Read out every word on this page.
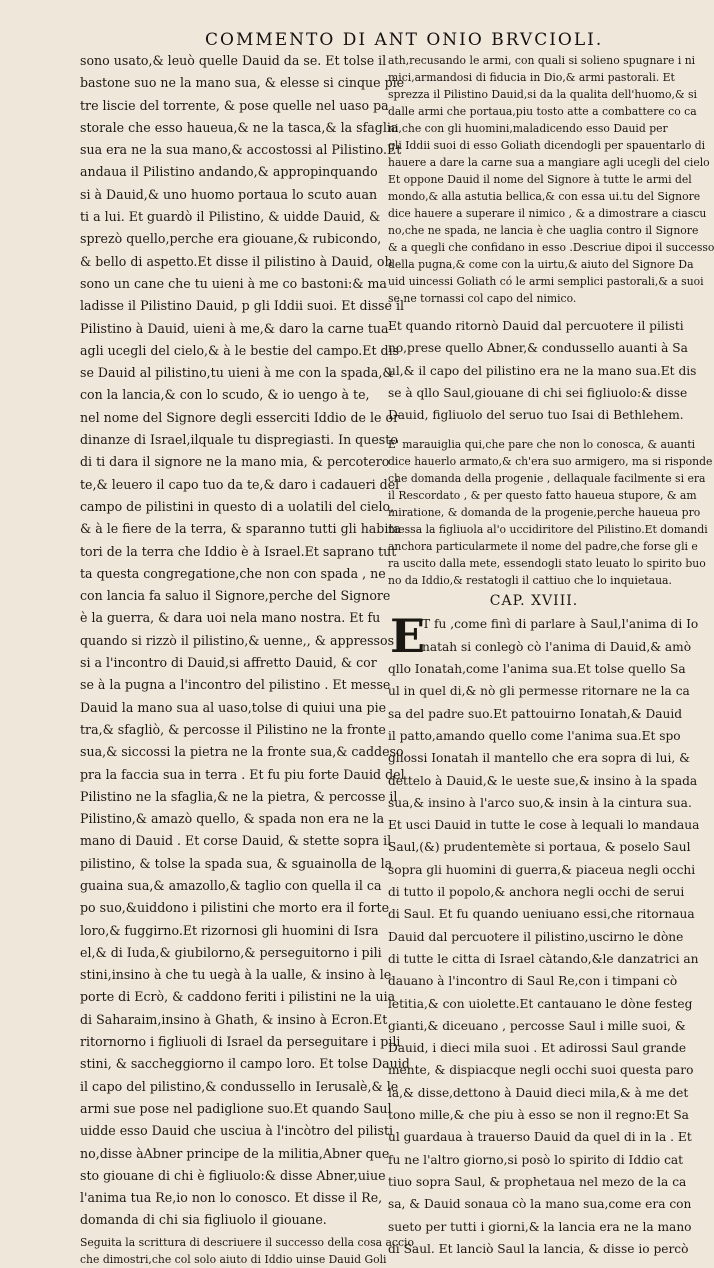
COMMENTO DI ANT ONIO BRVCIOLI.
sono usato,& leuò quelle Dauid da se. Et tolse il
bastone suo ne la mano sua, & elesse si cinque pie
tre liscie del torrente, & pose quelle nel uaso pa
storale che esso haueua,& ne la tasca,& la sfaglia
sua era ne la sua mano,& accostossi al Pilistino.Et
andaua il Pilistino andando,& appropinquando
si à Dauid,& uno huomo portaua lo scuto auan
ti a lui. Et guardò il Pilistino, & uidde Dauid, &
sprezò quello,perche era giouane,& rubicondo,
& bello di aspetto.Et disse il pilistino à Dauid, oh
sono un cane che tu uieni à me co bastoni:& ma
ladisse il Pilistino Dauid, p gli Iddii suoi. Et disse il
Pilistino à Dauid, uieni à me,& daro la carne tua
agli ucegli del cielo,& à le bestie del campo.Et dis
se Dauid al pilistino,tu uieni à me con la spada,&
con la lancia,& con lo scudo, & io uengo à te,
nel nome del Signore degli esserciti Iddio de le or
dinanze di Israel,ilquale tu dispregiasti. In questo
di ti dara il signore ne la mano mia, & percotero
te,& leuero il capo tuo da te,& daro i cadaueri del
campo de pilistini in questo di a uolatili del cielo,
& à le fiere de la terra, & sparanno tutti gli habita
tori de la terra che Iddio è à Israel.Et saprano tut
ta questa congregatione,che non con spada , ne
con lancia fa saluo il Signore,perche del Signore
è la guerra, & dara uoi nela mano nostra. Et fu
quando si rizzò il pilistino,& uenne,, & appressos
si a l'incontro di Dauid,si affretto Dauid, & cor
se à la pugna a l'incontro del pilistino . Et messe
Dauid la mano sua al uaso,tolse di quiui una pie
tra,& sfagliò, & percosse il Pilistino ne la fronte
sua,& siccossi la pietra ne la fronte sua,& caddeso
pra la faccia sua in terra . Et fu piu forte Dauid del
Pilistino ne la sfaglia,& ne la pietra, & percosse il
Pilistino,& amazò quello, & spada non era ne la
mano di Dauid . Et corse Dauid, & stette sopra il
pilistino, & tolse la spada sua, & sguainolla de la
guaina sua,& amazollo,& taglio con quella il ca
po suo,&uiddono i pilistini che morto era il forte
loro,& fuggirno.Et rizornosi gli huomini di Isra
el,& di Iuda,& giubilorno,& perseguitorno i pili
stini,insino à che tu uegà à la ualle, & insino à le
porte di Ecrò, & caddono feriti i pilistini ne la uia
di Saharaim,insino à Ghath, & insino à Ecron.Et
ritornorno i figliuoli di Israel da perseguitare i pili
stini, & saccheggiorno il campo loro. Et tolse Dauid
il capo del pilistino,& condussello in Ierusalè,& le
armi sue pose nel padiglione suo.Et quando Saul
uidde esso Dauid che usciua à l'incòtro del pilisti
no,disse àAbner principe de la militia,Abner que
sto giouane di chi è figliuolo:& disse Abner,uiue
l'anima tua Re,io non lo conosco. Et disse il Re,
domanda di chi sia figliuolo il giouane.
Seguita la scrittura di descriuere il successo della cosa accio
che dimostri,che col solo aiuto di Iddio uinse Dauid Goli
ath,recusando le armi, con quali si solieno spugnare i ni
mici,armandosi di fiducia in Dio,& armi pastorali. Et
sprezza il Pilistino Dauid,si da la qualita dell'huomo,& si
dalle armi che portaua,piu tosto atte a combattere co ca
ni,che con gli huomini,maladicendo esso Dauid per
gli Iddii suoi di esso Goliath dicendogli per spauentarlo di
hauere a dare la carne sua a mangiare agli ucegli del cielo
Et oppone Dauid il nome del Signore à tutte le armi del
mondo,& alla astutia bellica,& con essa ui.tu del Signore
dice hauere a superare il nimico , & a dimostrare a ciascu
no,che ne spada, ne lancia è che uaglia contro il Signore
& a quegli che confidano in esso .Descriue dipoi il successo
della pugna,& come con la uirtu,& aiuto del Signore Da
uid uincessi Goliath có le armi semplici pastorali,& a suoi
se ne tornassi col capo del nimico.
Et quando ritornò Dauid dal percuotere il pilisti
no,prese quello Abner,& condussello auanti à Sa
ul,& il capo del pilistino era ne la mano sua.Et dis
se à qllo Saul,giouane di chi sei figliuolo:& disse
Dauid, figliuolo del seruo tuo Isai di Bethlehem.
E' marauiglia qui,che pare che non lo conosca, & auanti
dice hauerlo armato,& ch'era suo armigero, ma si risponde
che domanda della progenie , dellaquale facilmente si era
il Rescordato , & per questo fatto haueua stupore, & am
miratione, & domanda de la progenie,perche haueua pro
messa la figliuola al'o uccidiritore del Pilistino.Et domandi
anchora particularmete il nome del padre,che forse gli e
ra uscito dalla mete, essendogli stato leuato lo spirito buo
no da Iddio,& restatogli il cattiuo che lo inquietaua.
CAP. XVIII.
E
T fu ,come finì di parlare à Saul,l'anima di Io
natah si conlegò cò l'anima di Dauid,& amò
qllo Ionatah,come l'anima sua.Et tolse quello Sa
ul in quel di,& nò gli permesse ritornare ne la ca
sa del padre suo.Et pattouirno Ionatah,& Dauid
il patto,amando quello come l'anima sua.Et spo
gliossi Ionatah il mantello che era sopra di lui, &
dettelo à Dauid,& le ueste sue,& insino à la spada
sua,& insino à l'arco suo,& insin à la cintura sua.
Et usci Dauid in tutte le cose à lequali lo mandaua
Saul,(&) prudentemète si portaua, & poselo Saul
sopra gli huomini di guerra,& piaceua negli occhi
di tutto il popolo,& anchora negli occhi de serui
di Saul. Et fu quando ueniuano essi,che ritornaua
Dauid dal percuotere il pilistino,uscirno le dòne
di tutte le citta di Israel càtando,&le danzatrici an
dauano à l'incontro di Saul Re,con i timpani cò
letitia,& con uiolette.Et cantauano le dòne festeg
gianti,& diceuano , percosse Saul i mille suoi, &
Dauid, i dieci mila suoi . Et adirossi Saul grande
mente, & dispiacque negli occhi suoi questa paro
la,& disse,dettono à Dauid dieci mila,& à me det
tono mille,& che piu à esso se non il regno:Et Sa
ul guardaua à trauerso Dauid da quel di in la . Et
fu ne l'altro giorno,si posò lo spirito di Iddio cat
tiuo sopra Saul, & prophetaua nel mezo de la ca
sa, & Dauid sonaua cò la mano sua,come era con
sueto per tutti i giorni,& la lancia era ne la mano
di Saul. Et lanciò Saul la lancia, & disse io percò
